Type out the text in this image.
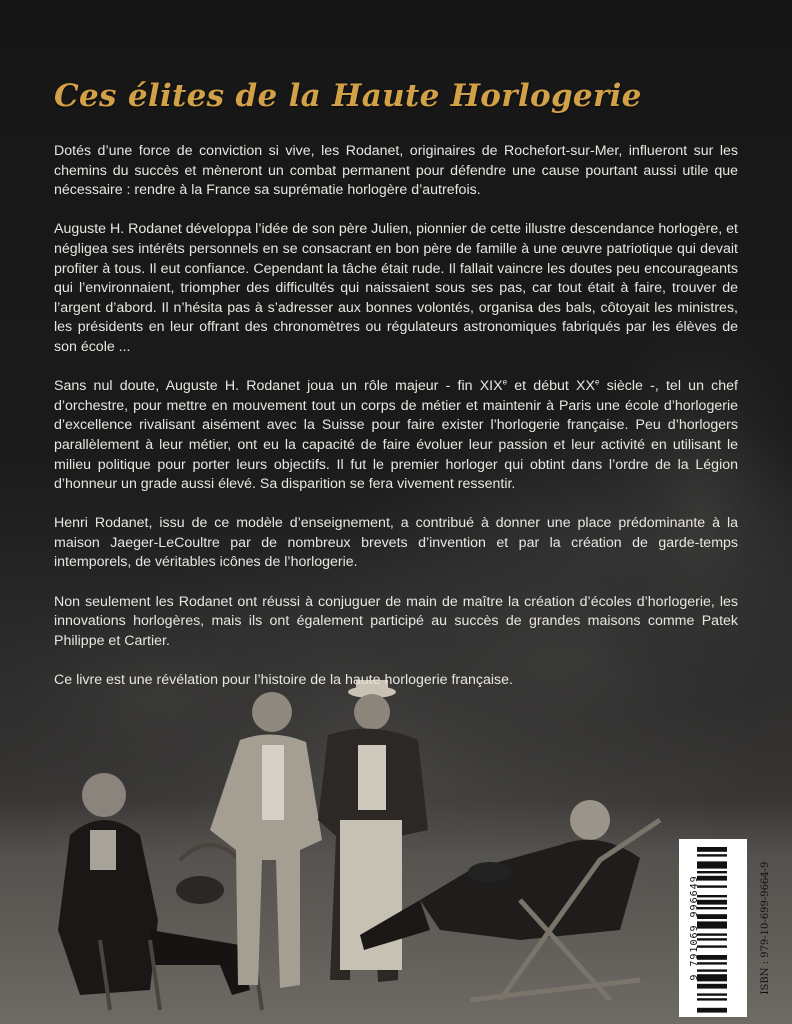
Ces élites de la Haute Horlogerie

Dotés d’une force de conviction si vive, les Rodanet, originaires de Rochefort-sur-Mer, influeront sur les chemins du succès et mèneront un combat permanent pour défendre une cause pourtant aussi utile que nécessaire : rendre à la France sa suprématie horlogère d’autrefois.

Auguste H. Rodanet développa l’idée de son père Julien, pionnier de cette illustre descendance horlogère, et négligea ses intérêts personnels en se consacrant en bon père de famille à une œuvre patriotique qui devait profiter à tous. Il eut confiance. Cependant la tâche était rude. Il fallait vaincre les doutes peu encourageants qui l’environnaient, triompher des difficultés qui naissaient sous ses pas, car tout était à faire, trouver de l’argent d’abord. Il n’hésita pas à s’adresser aux bonnes volontés, organisa des bals, côtoyait les ministres, les présidents en leur offrant des chronomètres ou régulateurs astronomiques fabriqués par les élèves de son école ...

Sans nul doute, Auguste H. Rodanet joua un rôle majeur - fin XIXe et début XXe siècle -, tel un chef d’orchestre, pour mettre en mouvement tout un corps de métier et maintenir à Paris une école d’horlogerie d’excellence rivalisant aisément avec la Suisse pour faire exister l’horlogerie française. Peu d’horlogers parallèlement à leur métier, ont eu la capacité de faire évoluer leur passion et leur activité en utilisant le milieu politique pour porter leurs objectifs. Il fut le premier horloger qui obtint dans l’ordre de la Légion d’honneur un grade aussi élevé. Sa disparition se fera vivement ressentir.

Henri Rodanet, issu de ce modèle d’enseignement, a contribué à donner une place prédominante à la maison Jaeger-LeCoultre par de nombreux brevets d’invention et par la création de garde-temps intemporels, de véritables icônes de l’horlogerie.

Non seulement les Rodanet ont réussi à conjuguer de main de maître la création d’écoles d’horlogerie, les innovations horlogères, mais ils ont également participé au succès de grandes maisons comme Patek Philippe et Cartier.

Ce livre est une révélation pour l’histoire de la haute horlogerie française.

9 791069 996649	ISBN : 979-10-699-9664-9
